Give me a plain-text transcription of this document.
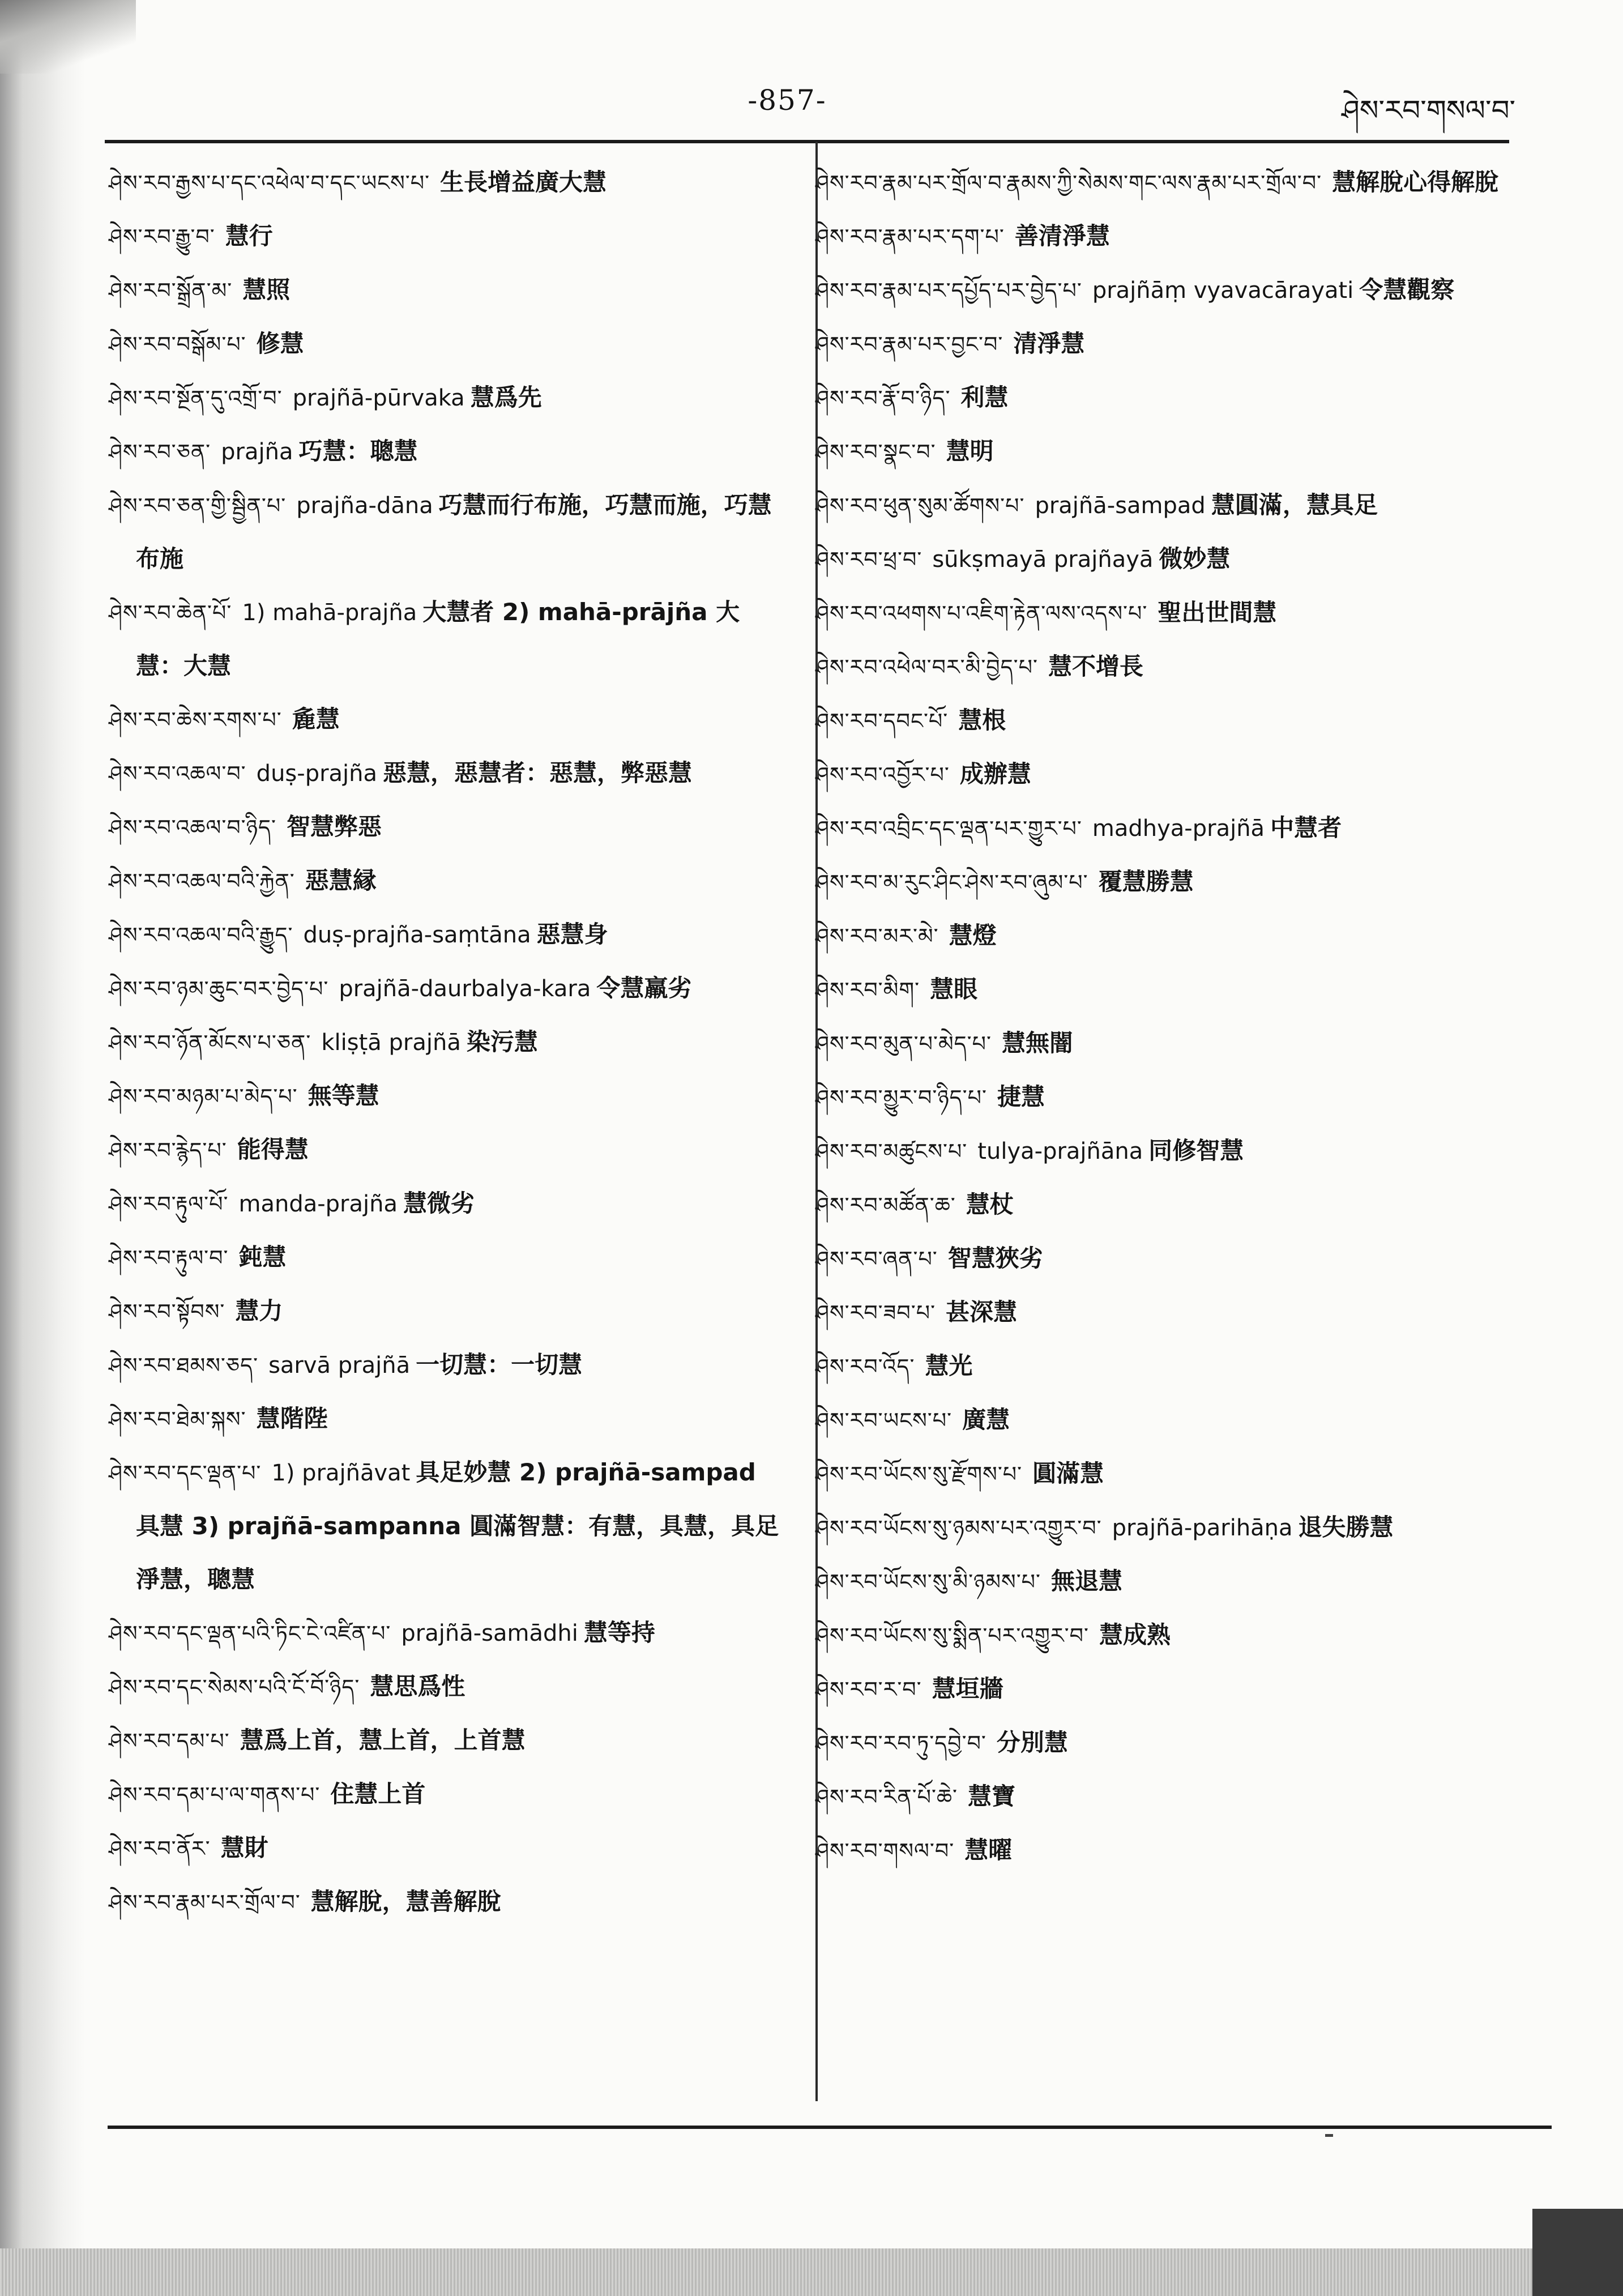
-857-	ཤེས་རབ་གསལ་བ་
ཤེས་རབ་རྒྱས་པ་དང་འཕེལ་བ་དང་ཡངས་པ་ 生長增益廣大慧
ཤེས་རབ་རྒྱུ་བ་ 慧行
ཤེས་རབ་སྒྲོན་མ་ 慧照
ཤེས་རབ་བསྒོམ་པ་ 修慧
ཤེས་རབ་སྔོན་དུ་འགྲོ་བ་ prajñā-pūrvaka 慧爲先
ཤེས་རབ་ཅན་ prajña 巧慧：聰慧
ཤེས་རབ་ཅན་གྱི་སྦྱིན་པ་ prajña-dāna 巧慧而行布施，巧慧而施，巧慧布施
ཤེས་རབ་ཆེན་པོ་ 1) mahā-prajña 大慧者 2) mahā-prājña 大慧：大慧
ཤེས་རབ་ཆེས་རགས་པ་ 麁慧
ཤེས་རབ་འཆལ་བ་ duṣ-prajña 惡慧，惡慧者：惡慧，弊惡慧
ཤེས་རབ་འཆལ་བ་ཉིད་ 智慧弊惡
ཤེས་རབ་འཆལ་བའི་རྐྱེན་ 惡慧縁
ཤེས་རབ་འཆལ་བའི་རྒྱུད་ duṣ-prajña-saṃtāna 惡慧身
ཤེས་རབ་ཉམ་ཆུང་བར་བྱེད་པ་ prajñā-daurbalya-kara 令慧羸劣
ཤེས་རབ་ཉོན་མོངས་པ་ཅན་ kliṣṭā prajñā 染污慧
ཤེས་རབ་མཉམ་པ་མེད་པ་ 無等慧
ཤེས་རབ་རྙེད་པ་ 能得慧
ཤེས་རབ་རྟུལ་པོ་ manda-prajña 慧微劣
ཤེས་རབ་རྟུལ་བ་ 鈍慧
ཤེས་རབ་སྟོབས་ 慧力
ཤེས་རབ་ཐམས་ཅད་ sarvā prajñā 一切慧：一切慧
ཤེས་རབ་ཐེམ་སྐས་ 慧階陛
ཤེས་རབ་དང་ལྡན་པ་ 1) prajñāvat 具足妙慧 2) prajñā-sampad 具慧 3) prajñā-sampanna 圓滿智慧：有慧，具慧，具足淨慧，聰慧
ཤེས་རབ་དང་ལྡན་པའི་ཏིང་ངེ་འཛིན་པ་ prajñā-samādhi 慧等持
ཤེས་རབ་དང་སེམས་པའི་ངོ་བོ་ཉིད་ 慧思爲性
ཤེས་རབ་དམ་པ་ 慧爲上首，慧上首，上首慧
ཤེས་རབ་དམ་པ་ལ་གནས་པ་ 住慧上首
ཤེས་རབ་ནོར་ 慧財
ཤེས་རབ་རྣམ་པར་གྲོལ་བ་ 慧解脫，慧善解脫
ཤེས་རབ་རྣམ་པར་གྲོལ་བ་རྣམས་ཀྱི་སེམས་གང་ལས་རྣམ་པར་གྲོལ་བ་ 慧解脫心得解脫
ཤེས་རབ་རྣམ་པར་དག་པ་ 善清淨慧
ཤེས་རབ་རྣམ་པར་དཔྱོད་པར་བྱེད་པ་ prajñāṃ vyavacārayati 令慧觀察
ཤེས་རབ་རྣམ་པར་བྱང་བ་ 清淨慧
ཤེས་རབ་རྣོ་བ་ཉིད་ 利慧
ཤེས་རབ་སྣང་བ་ 慧明
ཤེས་རབ་ཕུན་སུམ་ཚོགས་པ་ prajñā-sampad 慧圓滿，慧具足
ཤེས་རབ་ཕྲ་བ་ sūkṣmayā prajñayā 微妙慧
ཤེས་རབ་འཕགས་པ་འཇིག་རྟེན་ལས་འདས་པ་ 聖出世間慧
ཤེས་རབ་འཕེལ་བར་མི་བྱེད་པ་ 慧不增長
ཤེས་རབ་དབང་པོ་ 慧根
ཤེས་རབ་འབྱོར་པ་ 成辦慧
ཤེས་རབ་འབྲིང་དང་ལྡན་པར་གྱུར་པ་ madhya-prajñā 中慧者
ཤེས་རབ་མ་རུང་ཤིང་ཤེས་རབ་ཞུམ་པ་ 覆慧勝慧
ཤེས་རབ་མར་མེ་ 慧燈
ཤེས་རབ་མིག་ 慧眼
ཤེས་རབ་མུན་པ་མེད་པ་ 慧無闇
ཤེས་རབ་མྱུར་བ་ཉིད་པ་ 捷慧
ཤེས་རབ་མཚུངས་པ་ tulya-prajñāna 同修智慧
ཤེས་རབ་མཚོན་ཆ་ 慧杖
ཤེས་རབ་ཞན་པ་ 智慧狹劣
ཤེས་རབ་ཟབ་པ་ 甚深慧
ཤེས་རབ་འོད་ 慧光
ཤེས་རབ་ཡངས་པ་ 廣慧
ཤེས་རབ་ཡོངས་སུ་རྫོགས་པ་ 圓滿慧
ཤེས་རབ་ཡོངས་སུ་ཉམས་པར་འགྱུར་བ་ prajñā-parihāṇa 退失勝慧
ཤེས་རབ་ཡོངས་སུ་མི་ཉམས་པ་ 無退慧
ཤེས་རབ་ཡོངས་སུ་སྨིན་པར་འགྱུར་བ་ 慧成熟
ཤེས་རབ་ར་བ་ 慧垣牆
ཤེས་རབ་རབ་ཏུ་དབྱེ་བ་ 分別慧
ཤེས་རབ་རིན་པོ་ཆེ་ 慧寶
ཤེས་རབ་གསལ་བ་ 慧曜
